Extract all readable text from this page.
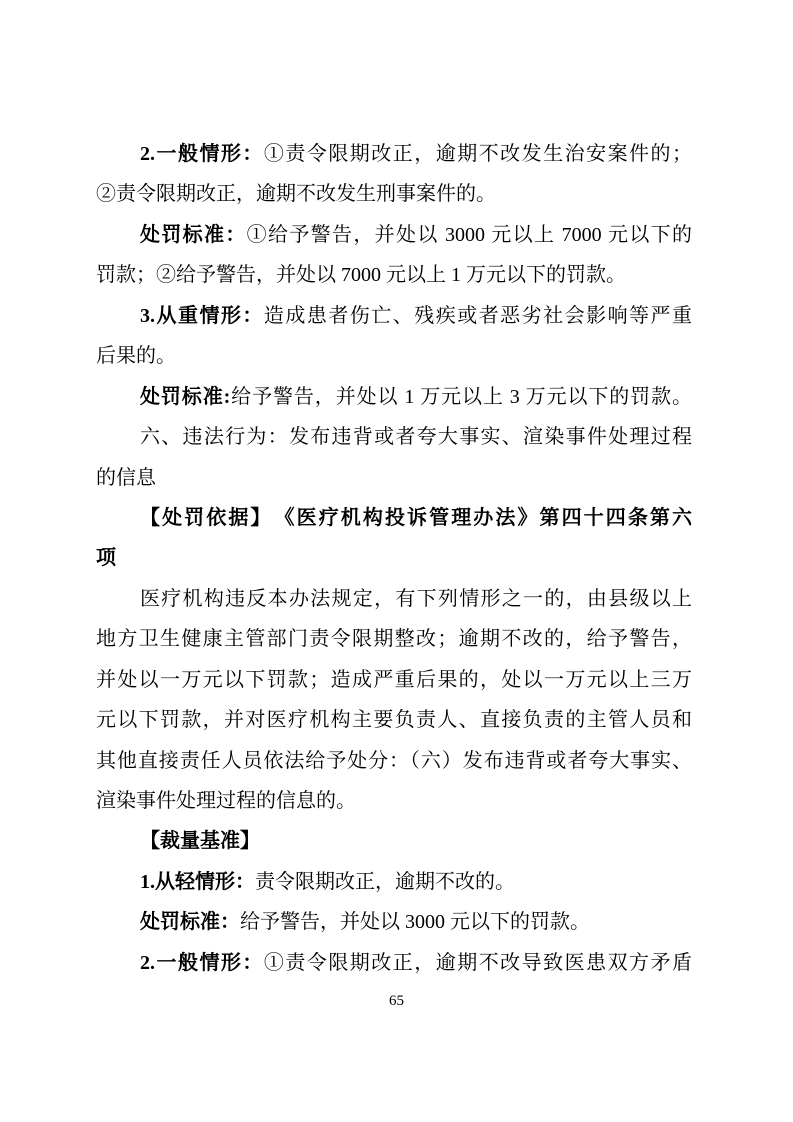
2.一般情形：①责令限期改正，逾期不改发生治安案件的；
②责令限期改正，逾期不改发生刑事案件的。
处罚标准：①给予警告，并处以 3000 元以上 7000 元以下的
罚款；②给予警告，并处以 7000 元以上 1 万元以下的罚款。
3.从重情形：造成患者伤亡、残疾或者恶劣社会影响等严重
后果的。
处罚标准:给予警告，并处以 1 万元以上 3 万元以下的罚款。
六、违法行为：发布违背或者夸大事实、渲染事件处理过程
的信息
【处罚依据】　《医疗机构投诉管理办法》第四十四条第六
项
医疗机构违反本办法规定，有下列情形之一的，由县级以上
地方卫生健康主管部门责令限期整改；逾期不改的，给予警告，
并处以一万元以下罚款；造成严重后果的，处以一万元以上三万
元以下罚款，并对医疗机构主要负责人、直接负责的主管人员和
其他直接责任人员依法给予处分：（六）发布违背或者夸大事实、
渲染事件处理过程的信息的。
【裁量基准】
1.从轻情形：责令限期改正，逾期不改的。
处罚标准：给予警告，并处以 3000 元以下的罚款。
2.一般情形：①责令限期改正，逾期不改导致医患双方矛盾
65
